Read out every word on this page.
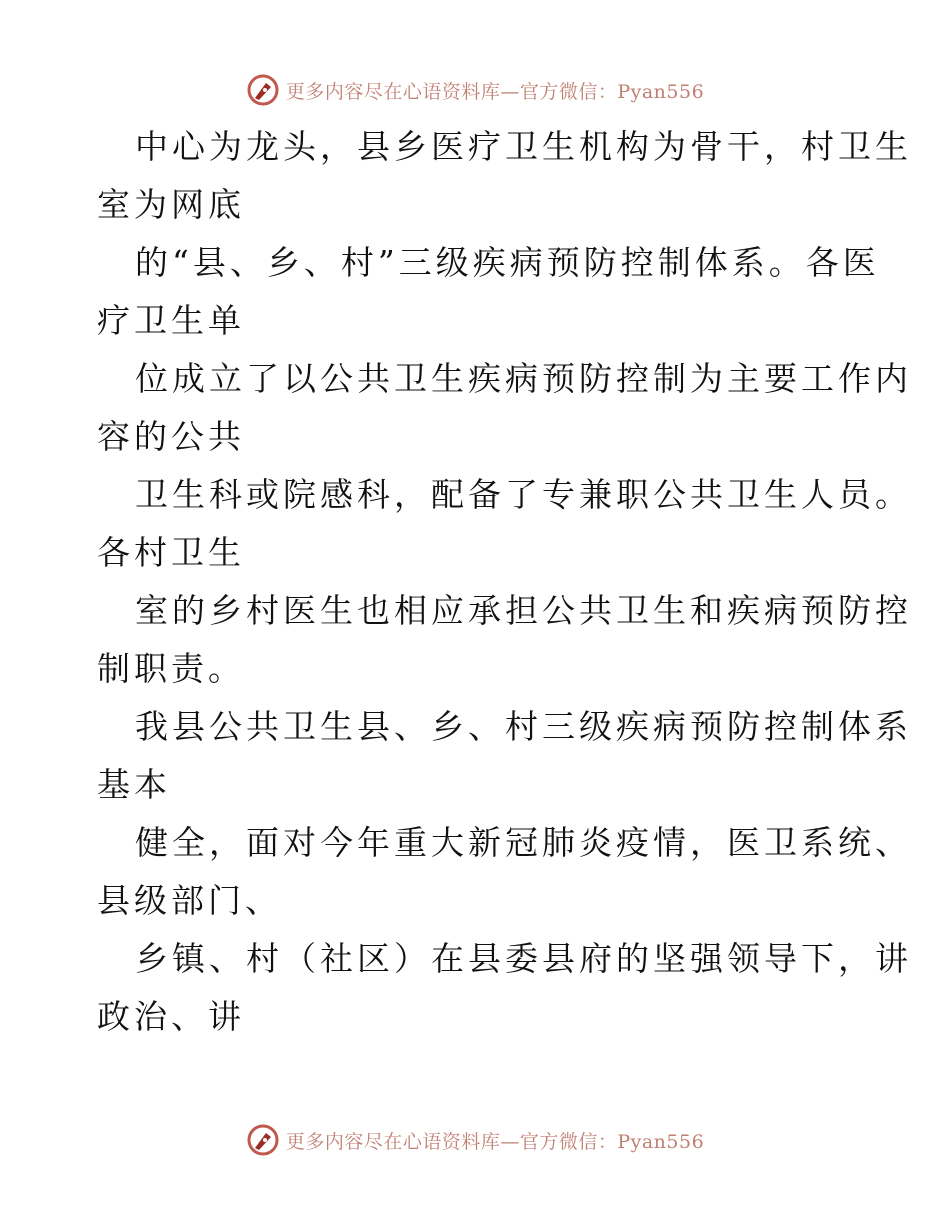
更多内容尽在心语资料库—官方微信：Pyan556

中心为龙头，县乡医疗卫生机构为骨干，村卫生
室为网底

的“县、乡、村”三级疾病预防控制体系。各医
疗卫生单

位成立了以公共卫生疾病预防控制为主要工作内
容的公共

卫生科或院感科，配备了专兼职公共卫生人员。
各村卫生

室的乡村医生也相应承担公共卫生和疾病预防控
制职责。

我县公共卫生县、乡、村三级疾病预防控制体系
基本

健全，面对今年重大新冠肺炎疫情，医卫系统、
县级部门、

乡镇、村（社区）在县委县府的坚强领导下，讲
政治、讲

更多内容尽在心语资料库—官方微信：Pyan556
